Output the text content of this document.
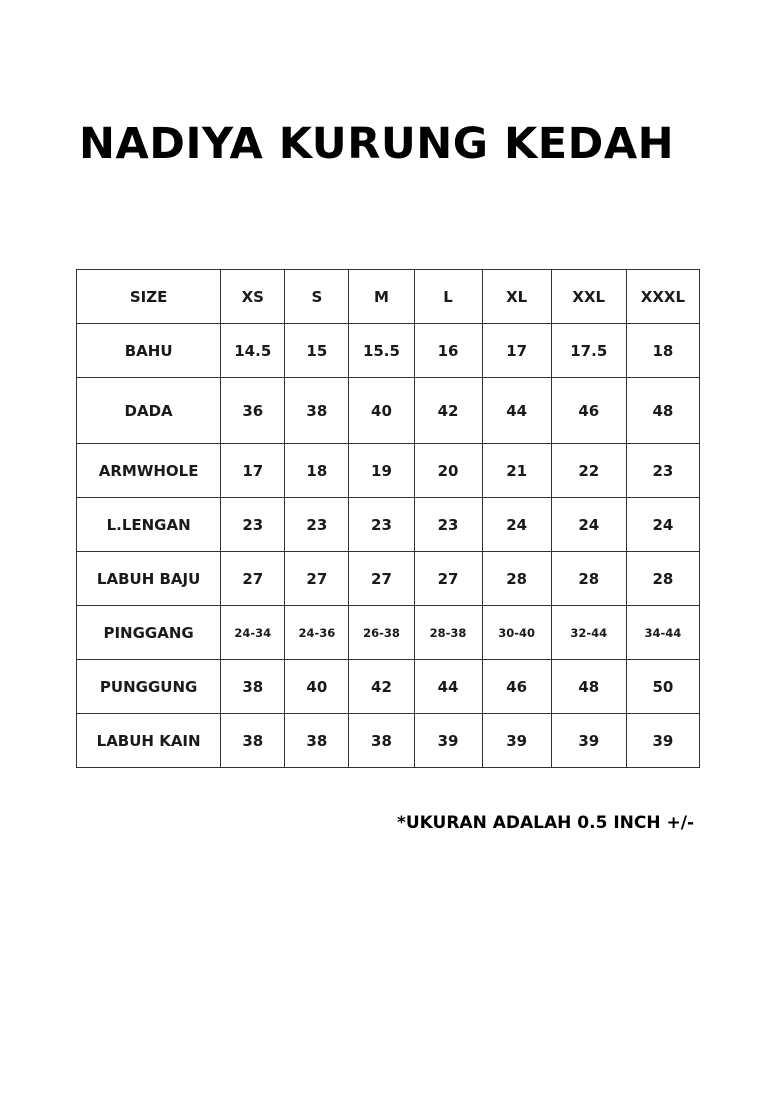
NADIYA KURUNG KEDAH
SIZE	XS	S	M	L	XL	XXL	XXXL
BAHU	14.5	15	15.5	16	17	17.5	18
DADA	36	38	40	42	44	46	48
ARMWHOLE	17	18	19	20	21	22	23
L.LENGAN	23	23	23	23	24	24	24
LABUH BAJU	27	27	27	27	28	28	28
PINGGANG	24-34	24-36	26-38	28-38	30-40	32-44	34-44
PUNGGUNG	38	40	42	44	46	48	50
LABUH KAIN	38	38	38	39	39	39	39

*UKURAN ADALAH 0.5 INCH +/-
